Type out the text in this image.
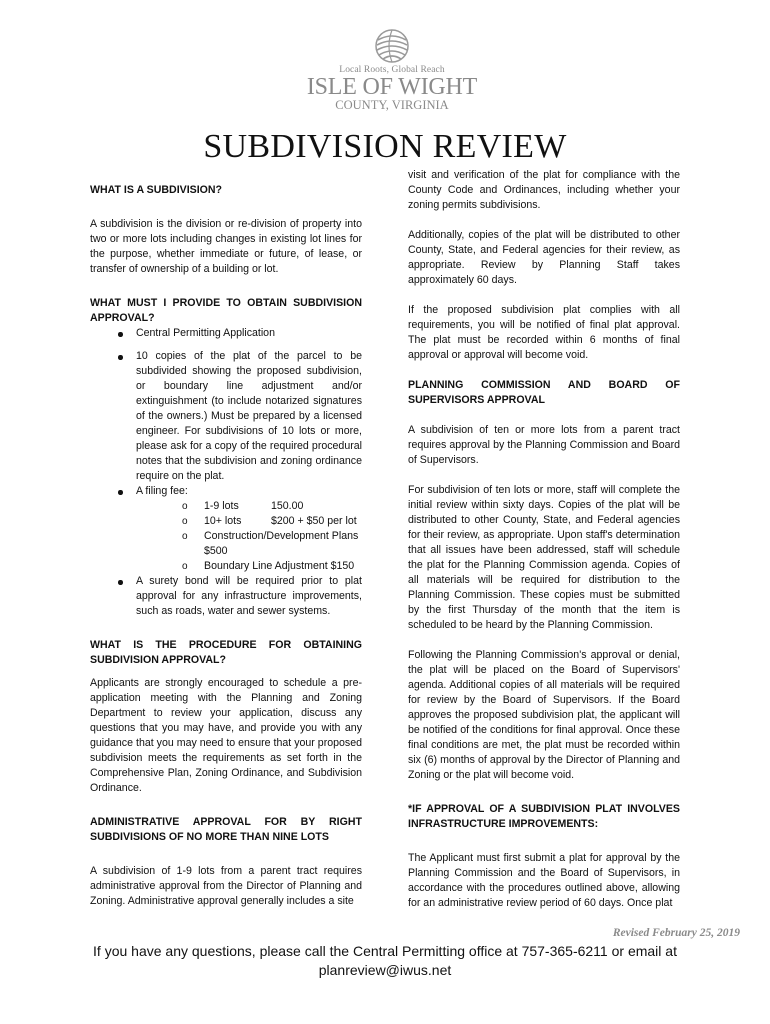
Local Roots, Global Reach
ISLE OF WIGHT
COUNTY, VIRGINIA
SUBDIVISION REVIEW
WHAT IS A SUBDIVISION?

A subdivision is the division or re-division of property into two or more lots including changes in existing lot lines for the purpose, whether immediate or future, of lease, or transfer of ownership of a building or lot.

WHAT MUST I PROVIDE TO OBTAIN SUBDIVISION APPROVAL?
Central Permitting Application
10 copies of the plat of the parcel to be subdivided showing the proposed subdivision, or boundary line adjustment and/or extinguishment (to include notarized signatures of the owners.) Must be prepared by a licensed engineer. For subdivisions of 10 lots or more, please ask for a copy of the required procedural notes that the subdivision and zoning ordinance require on the plat.
A filing fee:
o 1-9 lots	150.00
o 10+ lots	$200 + $50 per lot
o Construction/Development Plans
$500
o Boundary Line Adjustment $150
A surety bond will be required prior to plat approval for any infrastructure improvements, such as roads, water and sewer systems.
WHAT IS THE PROCEDURE FOR OBTAINING SUBDIVISION APPROVAL?

Applicants are strongly encouraged to schedule a pre-application meeting with the Planning and Zoning Department to review your application, discuss any questions that you may have, and provide you with any guidance that you may need to ensure that your proposed subdivision meets the requirements as set forth in the Comprehensive Plan, Zoning Ordinance, and Subdivision Ordinance.

ADMINISTRATIVE APPROVAL FOR BY RIGHT SUBDIVISIONS OF NO MORE THAN NINE LOTS

A subdivision of 1-9 lots from a parent tract requires administrative approval from the Director of Planning and Zoning. Administrative approval generally includes a site

visit and verification of the plat for compliance with the County Code and Ordinances, including whether your zoning permits subdivisions.

Additionally, copies of the plat will be distributed to other County, State, and Federal agencies for their review, as appropriate. Review by Planning Staff takes approximately 60 days.

If the proposed subdivision plat complies with all requirements, you will be notified of final plat approval. The plat must be recorded within 6 months of final approval or approval will become void.

PLANNING COMMISSION AND BOARD OF SUPERVISORS APPROVAL

A subdivision of ten or more lots from a parent tract requires approval by the Planning Commission and Board of Supervisors.

For subdivision of ten lots or more, staff will complete the initial review within sixty days. Copies of the plat will be distributed to other County, State, and Federal agencies for their review, as appropriate. Upon staff's determination that all issues have been addressed, staff will schedule the plat for the Planning Commission agenda. Copies of all materials will be required for distribution to the Planning Commission. These copies must be submitted by the first Thursday of the month that the item is scheduled to be heard by the Planning Commission.

Following the Planning Commission's approval or denial, the plat will be placed on the Board of Supervisors' agenda. Additional copies of all materials will be required for review by the Board of Supervisors. If the Board approves the proposed subdivision plat, the applicant will be notified of the conditions for final approval. Once these final conditions are met, the plat must be recorded within six (6) months of approval by the Director of Planning and Zoning or the plat will become void.

*IF APPROVAL OF A SUBDIVISION PLAT INVOLVES INFRASTRUCTURE IMPROVEMENTS:

The Applicant must first submit a plat for approval by the Planning Commission and the Board of Supervisors, in accordance with the procedures outlined above, allowing for an administrative review period of 60 days. Once plat

Revised February 25, 2019
If you have any questions, please call the Central Permitting office at 757-365-6211 or email at
planreview@iwus.net
